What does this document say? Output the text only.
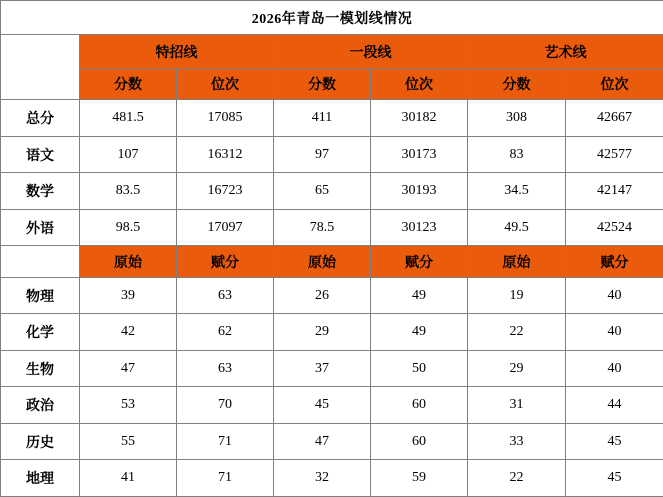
2026年青岛一模划线情况						
	特招线		一段线		艺术线	
	分数	位次	分数	位次	分数	位次
总分	481.5	17085	411	30182	308	42667
语文	107	16312	97	30173	83	42577
数学	83.5	16723	65	30193	34.5	42147
外语	98.5	17097	78.5	30123	49.5	42524
	原始	赋分	原始	赋分	原始	赋分
物理	39	63	26	49	19	40
化学	42	62	29	49	22	40
生物	47	63	37	50	29	40
政治	53	70	45	60	31	44
历史	55	71	47	60	33	45
地理	41	71	32	59	22	45
